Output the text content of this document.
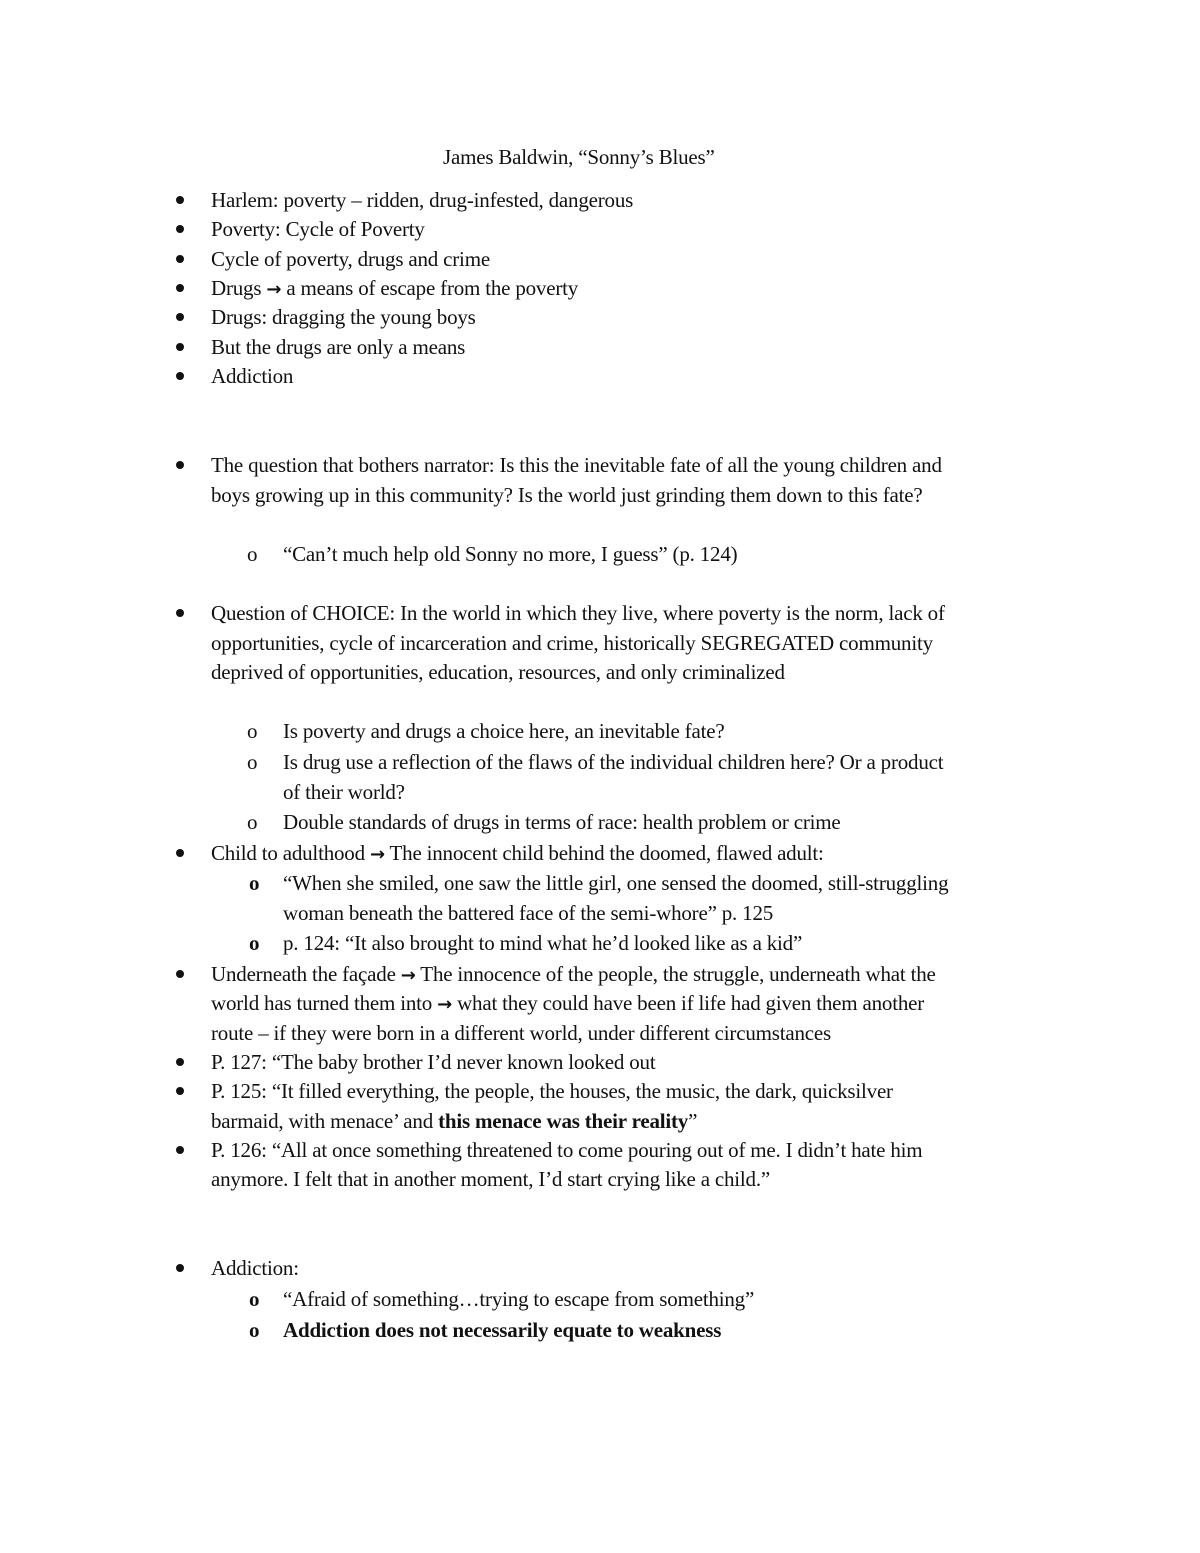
James Baldwin, “Sonny’s Blues”
Harlem: poverty – ridden, drug-infested, dangerous
Poverty: Cycle of Poverty
Cycle of poverty, drugs and crime
Drugs → a means of escape from the poverty
Drugs: dragging the young boys
But the drugs are only a means
Addiction
The question that bothers narrator: Is this the inevitable fate of all the young children and
boys growing up in this community? Is the world just grinding them down to this fate?
o “Can’t much help old Sonny no more, I guess” (p. 124)
Question of CHOICE: In the world in which they live, where poverty is the norm, lack of
opportunities, cycle of incarceration and crime, historically SEGREGATED community
deprived of opportunities, education, resources, and only criminalized
o Is poverty and drugs a choice here, an inevitable fate?
o Is drug use a reflection of the flaws of the individual children here? Or a product
of their world?
o Double standards of drugs in terms of race: health problem or crime
Child to adulthood → The innocent child behind the doomed, flawed adult:
o “When she smiled, one saw the little girl, one sensed the doomed, still-struggling
woman beneath the battered face of the semi-whore” p. 125
o p. 124: “It also brought to mind what he’d looked like as a kid”
Underneath the façade → The innocence of the people, the struggle, underneath what the
world has turned them into → what they could have been if life had given them another
route – if they were born in a different world, under different circumstances
P. 127: “The baby brother I’d never known looked out
P. 125: “It filled everything, the people, the houses, the music, the dark, quicksilver
barmaid, with menace’ and this menace was their reality”
P. 126: “All at once something threatened to come pouring out of me. I didn’t hate him
anymore. I felt that in another moment, I’d start crying like a child.”
Addiction:
o “Afraid of something…trying to escape from something”
o Addiction does not necessarily equate to weakness
